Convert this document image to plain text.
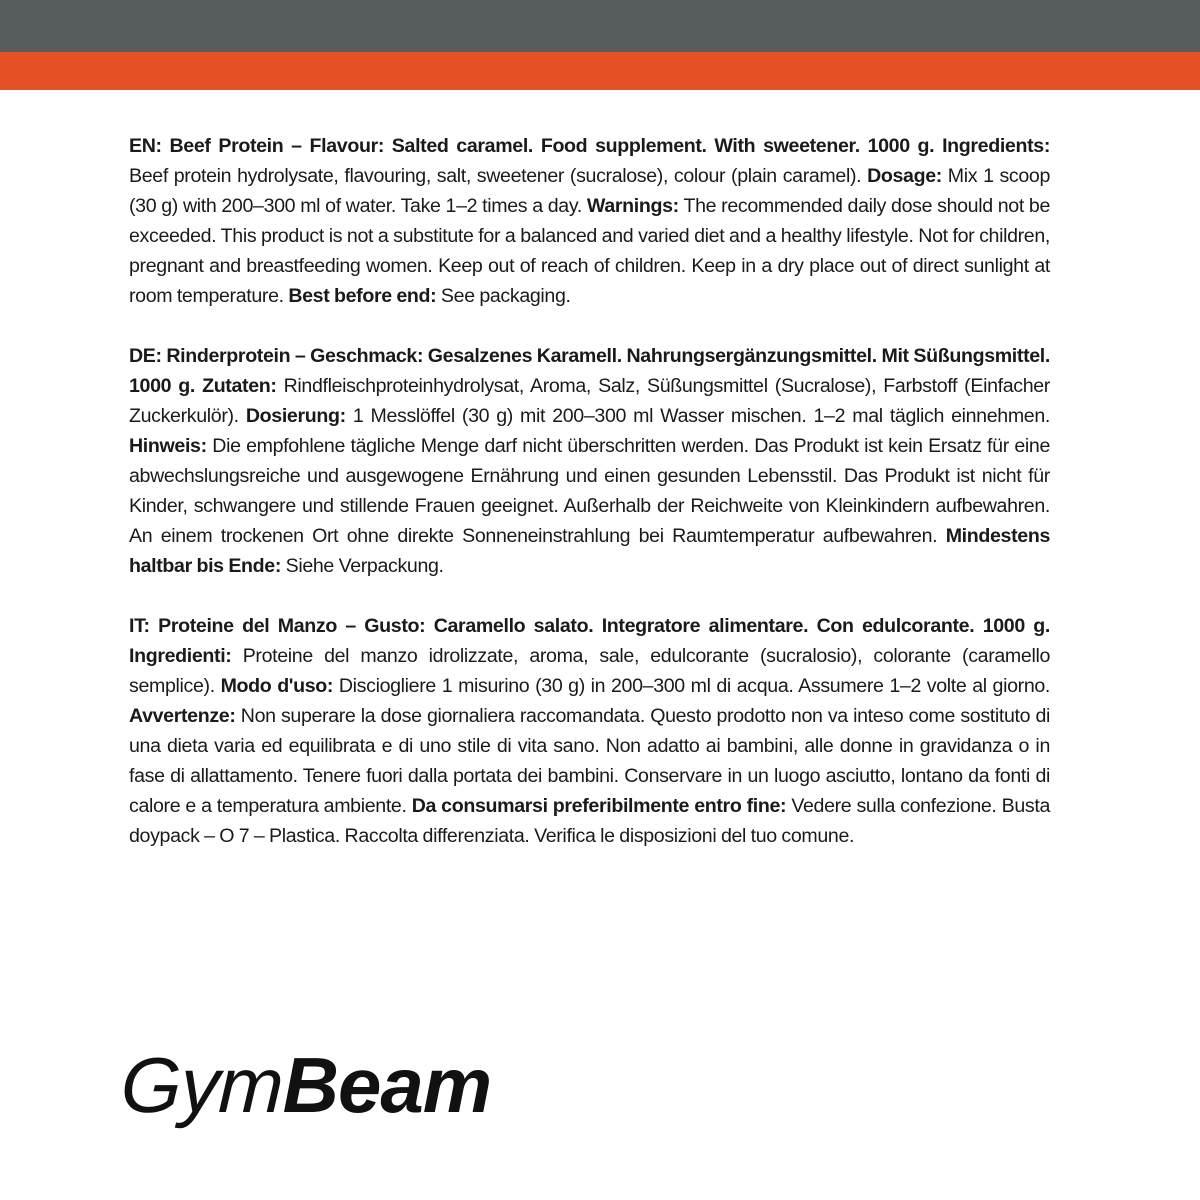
EN: Beef Protein – Flavour: Salted caramel. Food supplement. With sweetener. 1000 g. Ingredients: Beef protein hydrolysate, flavouring, salt, sweetener (sucralose), colour (plain caramel). Dosage: Mix 1 scoop (30 g) with 200–300 ml of water. Take 1–2 times a day. Warnings: The recommended daily dose should not be exceeded. This product is not a substitute for a balanced and varied diet and a healthy lifestyle. Not for children, pregnant and breastfeeding women. Keep out of reach of children. Keep in a dry place out of direct sunlight at room temperature. Best before end: See packaging.

DE: Rinderprotein – Geschmack: Gesalzenes Karamell. Nahrungsergänzungsmittel. Mit Süßungsmittel. 1000 g. Zutaten: Rindfleischproteinhydrolysat, Aroma, Salz, Süßungsmittel (Sucralose), Farbstoff (Einfacher Zuckerkulör). Dosierung: 1 Messlöffel (30 g) mit 200–300 ml Wasser mischen. 1–2 mal täglich einnehmen. Hinweis: Die empfohlene tägliche Menge darf nicht überschritten werden. Das Produkt ist kein Ersatz für eine abwechslungsreiche und ausgewogene Ernährung und einen gesunden Lebensstil. Das Produkt ist nicht für Kinder, schwangere und stillende Frauen geeignet. Außerhalb der Reichweite von Kleinkindern aufbewahren. An einem trockenen Ort ohne direkte Sonneneinstrahlung bei Raumtemperatur aufbewahren. Mindestens haltbar bis Ende: Siehe Verpackung.

IT: Proteine del Manzo – Gusto: Caramello salato. Integratore alimentare. Con edulcorante. 1000 g. Ingredienti: Proteine del manzo idrolizzate, aroma, sale, edulcorante (sucralosio), colorante (caramello semplice). Modo d'uso: Disciogliere 1 misurino (30 g) in 200–300 ml di acqua. Assumere 1–2 volte al giorno. Avvertenze: Non superare la dose giornaliera raccomandata. Questo prodotto non va inteso come sostituto di una dieta varia ed equilibrata e di uno stile di vita sano. Non adatto ai bambini, alle donne in gravidanza o in fase di allattamento. Tenere fuori dalla portata dei bambini. Conservare in un luogo asciutto, lontano da fonti di calore e a temperatura ambiente. Da consumarsi preferibilmente entro fine: Vedere sulla confezione. Busta doypack – O 7 – Plastica. Raccolta differenziata. Verifica le disposizioni del tuo comune.

Gym
Beam
